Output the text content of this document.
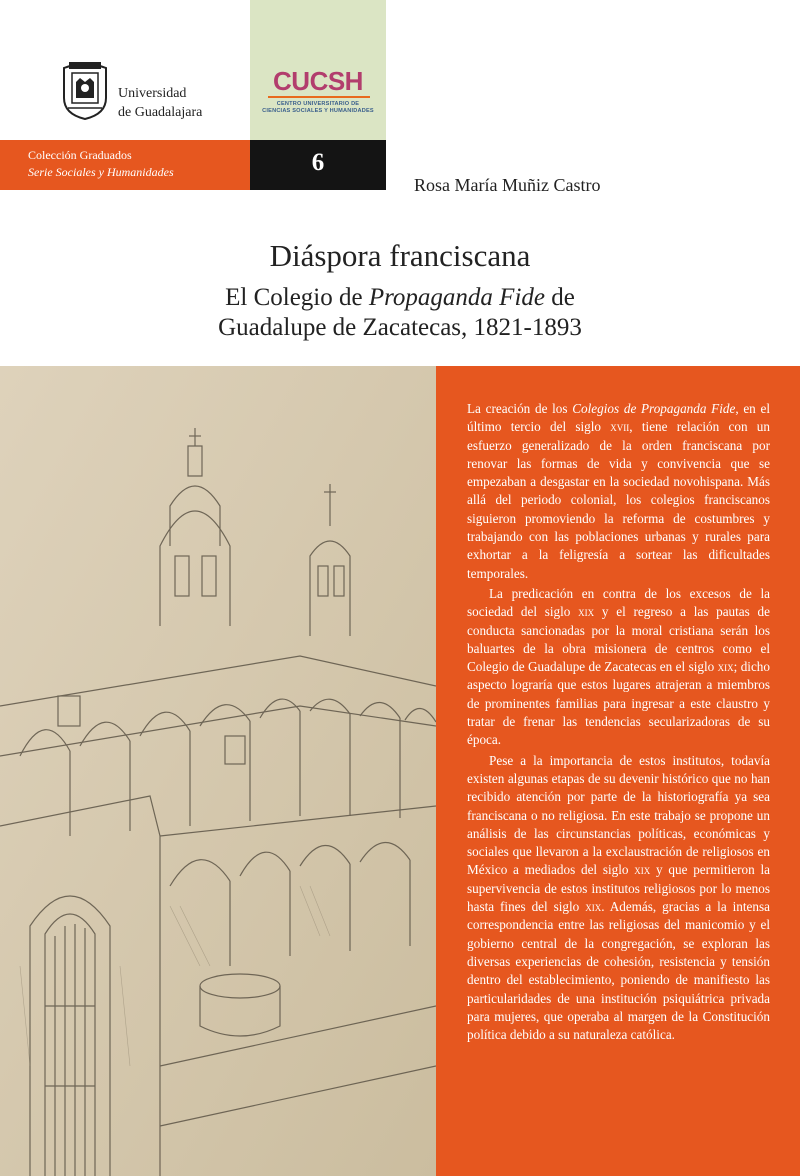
Universidad
de Guadalajara
CUCSH
CENTRO UNIVERSITARIO DE
CIENCIAS SOCIALES Y HUMANIDADES
Colección Graduados
Serie Sociales y Humanidades	6
Rosa María Muñiz Castro
Diáspora franciscana
El Colegio de Propaganda Fide de
Guadalupe de Zacatecas, 1821-1893

La creación de los Colegios de Propaganda Fide, en el último tercio del siglo xvii, tiene relación con un esfuerzo generalizado de la orden franciscana por renovar las formas de vida y convivencia que se empezaban a desgastar en la sociedad novohispana. Más allá del periodo colonial, los colegios franciscanos siguieron promoviendo la reforma de costumbres y trabajando con las poblaciones urbanas y rurales para exhortar a la feligresía a sortear las dificultades temporales.

La predicación en contra de los excesos de la sociedad del siglo xix y el regreso a las pautas de conducta sancionadas por la moral cristiana serán los baluartes de la obra misionera de centros como el Colegio de Guadalupe de Zacatecas en el siglo xix; dicho aspecto lograría que estos lugares atrajeran a miembros de prominentes familias para ingresar a este claustro y tratar de frenar las tendencias secularizadoras de su época.

Pese a la importancia de estos institutos, todavía existen algunas etapas de su devenir histórico que no han recibido atención por parte de la historiografía ya sea franciscana o no religiosa. En este trabajo se propone un análisis de las circunstancias políticas, económicas y sociales que llevaron a la exclaustración de religiosos en México a mediados del siglo xix y que permitieron la supervivencia de estos institutos religiosos por lo menos hasta fines del siglo xix. Además, gracias a la intensa correspondencia entre las religiosas del manicomio y el gobierno central de la congregación, se exploran las diversas experiencias de cohesión, resistencia y tensión dentro del establecimiento, poniendo de manifiesto las particularidades de una institución psiquiátrica privada para mujeres, que operaba al margen de la Constitución política debido a su naturaleza católica.
